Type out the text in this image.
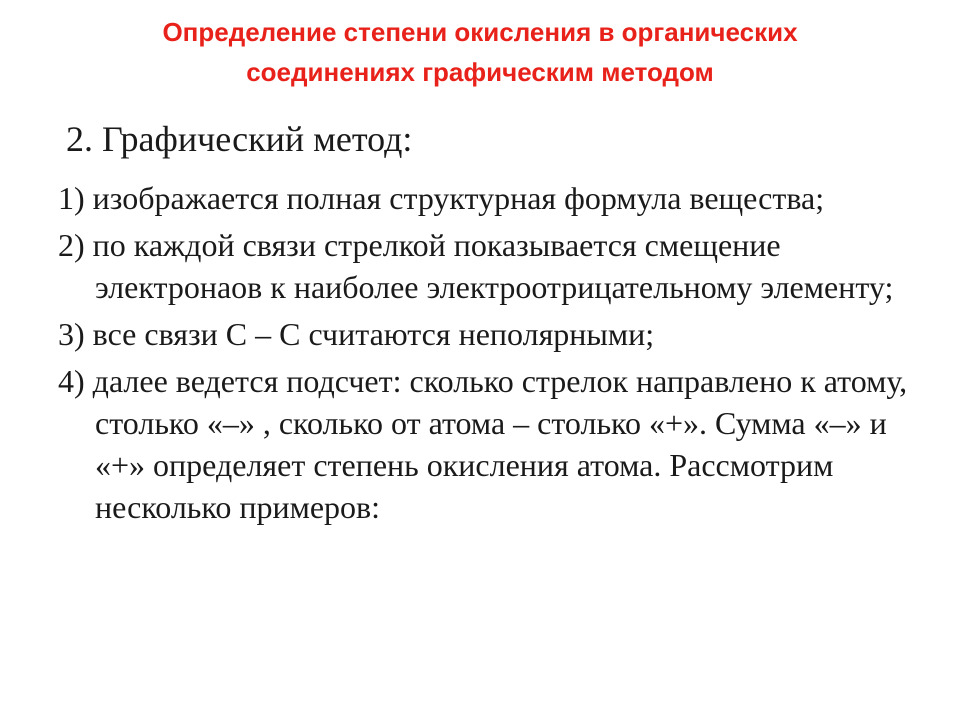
Определение степени окисления в органических
соединениях графическим методом
2. Графический метод:
1) изображается полная структурная формула вещества;
2) по каждой связи стрелкой показывается смещение электронаов к наиболее электроотрицательному элементу;
3) все связи С – С считаются неполярными;
4) далее ведется подсчет: сколько стрелок направлено к атому, столько «–» , сколько от атома – столько «+». Сумма «–» и «+» определяет степень окисления атома. Рассмотрим несколько примеров:
